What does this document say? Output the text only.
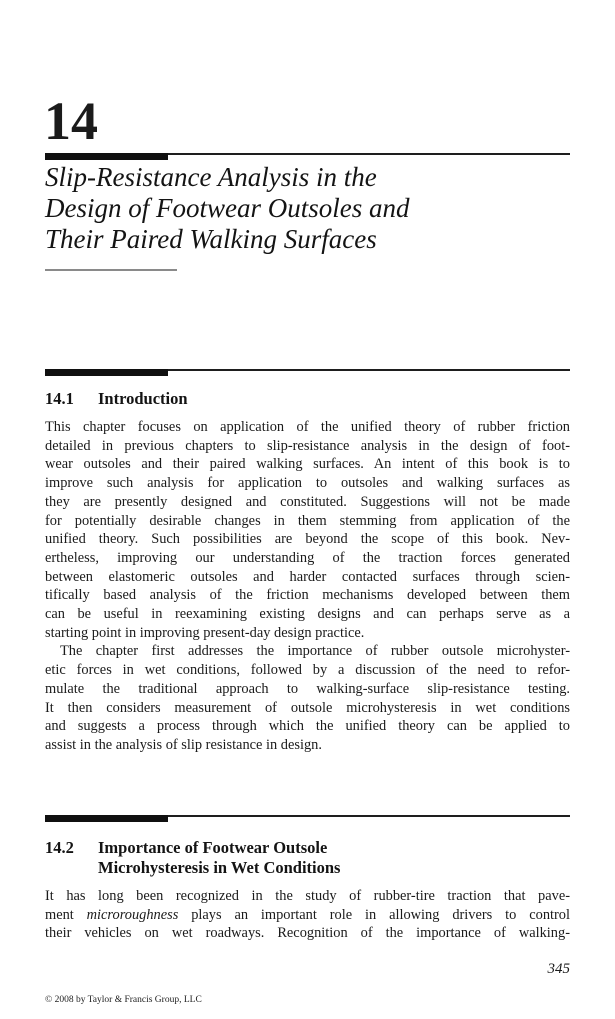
14
Slip-Resistance Analysis in the
Design of Footwear Outsoles and
Their Paired Walking Surfaces
14.1	Introduction
This chapter focuses on application of the unified theory of rubber friction
detailed in previous chapters to slip-resistance analysis in the design of foot-
wear outsoles and their paired walking surfaces. An intent of this book is to
improve such analysis for application to outsoles and walking surfaces as
they are presently designed and constituted. Suggestions will not be made
for potentially desirable changes in them stemming from application of the
unified theory. Such possibilities are beyond the scope of this book. Nev-
ertheless, improving our understanding of the traction forces generated
between elastomeric outsoles and harder contacted surfaces through scien-
tifically based analysis of the friction mechanisms developed between them
can be useful in reexamining existing designs and can perhaps serve as a
starting point in improving present-day design practice.
The chapter first addresses the importance of rubber outsole microhyster-
etic forces in wet conditions, followed by a discussion of the need to refor-
mulate the traditional approach to walking-surface slip-resistance testing.
It then considers measurement of outsole microhysteresis in wet conditions
and suggests a process through which the unified theory can be applied to
assist in the analysis of slip resistance in design.
14.2	Importance of Footwear Outsole
Microhysteresis in Wet Conditions
It has long been recognized in the study of rubber-tire traction that pave-
ment microroughness plays an important role in allowing drivers to control
their vehicles on wet roadways. Recognition of the importance of walking-
345
© 2008 by Taylor & Francis Group, LLC
